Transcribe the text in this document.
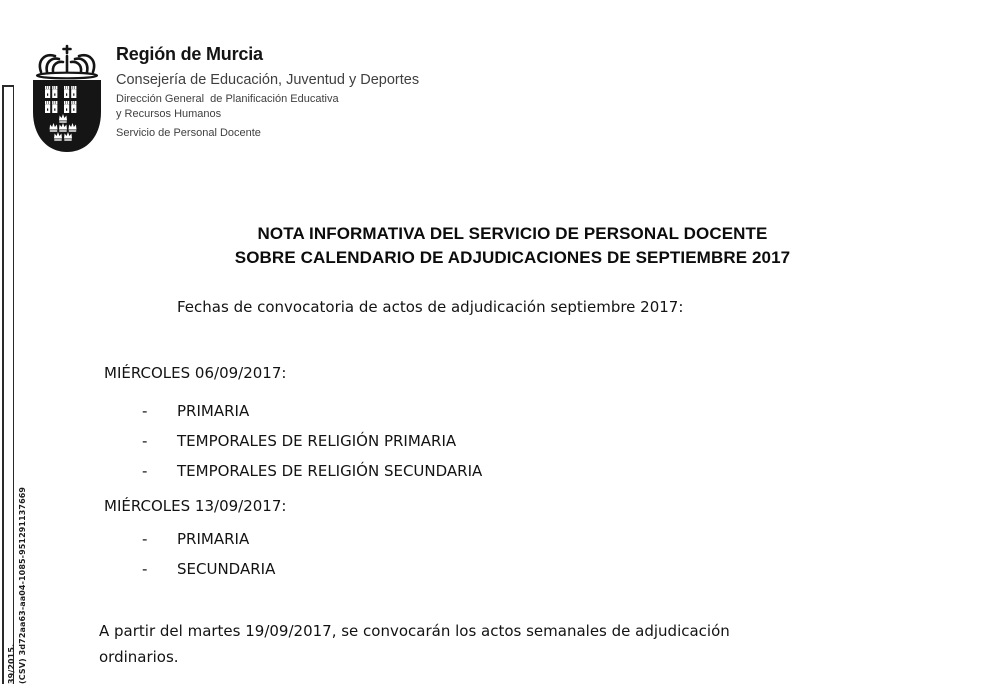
39/2015. (CSV) 3d72aa63-aa04-1085-951291137669
Región de Murcia
Consejería de Educación, Juventud y Deportes
Dirección General  de Planificación Educativa
y Recursos Humanos
Servicio de Personal Docente
NOTA INFORMATIVA DEL SERVICIO DE PERSONAL DOCENTE
SOBRE CALENDARIO DE ADJUDICACIONES DE SEPTIEMBRE 2017
Fechas de convocatoria de actos de adjudicación septiembre 2017:
MIÉRCOLES 06/09/2017:
- PRIMARIA
- TEMPORALES DE RELIGIÓN PRIMARIA
- TEMPORALES DE RELIGIÓN SECUNDARIA
MIÉRCOLES 13/09/2017:
- PRIMARIA
- SECUNDARIA
A partir del martes 19/09/2017, se convocarán los actos semanales de adjudicación
ordinarios.
